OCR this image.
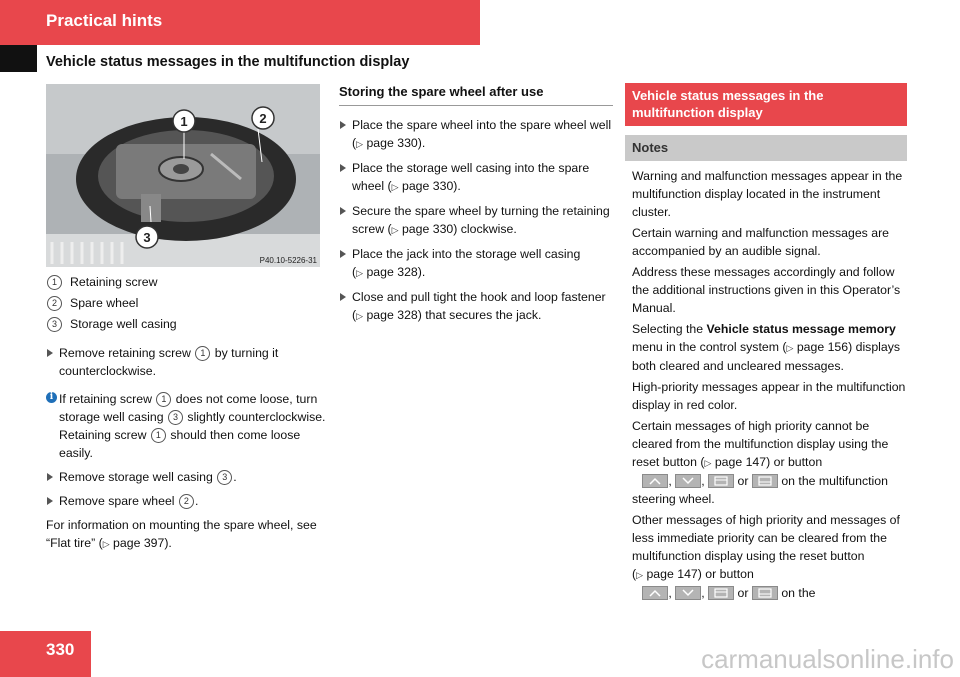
Practical hints
Vehicle status messages in the multifunction display
1	2
3
P40.10-5226-31
1 Retaining screw
2 Spare wheel
3 Storage well casing
Remove retaining screw 1 by turning it counterclockwise.
i If retaining screw 1 does not come loose, turn storage well casing 3 slightly counterclockwise. Retaining screw 1 should then come loose easily.
Remove storage well casing 3 .
Remove spare wheel 2 .
For information on mounting the spare wheel, see “Flat tire” (▷ page 397).
Storing the spare wheel after use
Place the spare wheel into the spare wheel well (▷ page 330).
Place the storage well casing into the spare wheel (▷ page 330).
Secure the spare wheel by turning the retaining screw (▷ page 330) clockwise.
Place the jack into the storage well casing (▷ page 328).
Close and pull tight the hook and loop fastener (▷ page 328) that secures the jack.
Vehicle status messages in the multifunction display
Notes
Warning and malfunction messages appear in the multifunction display located in the instrument cluster.
Certain warning and malfunction messages are accompanied by an audible signal.
Address these messages accordingly and follow the additional instructions given in this Operator’s Manual.
Selecting the Vehicle status message memory menu in the control system (▷ page 156) displays both cleared and uncleared messages.
High-priority messages appear in the multifunction display in red color.
Certain messages of high priority cannot be cleared from the multifunction display using the reset button (▷ page 147) or button

,
,
or	on the multifunction steering wheel.
Other messages of high priority and messages of less immediate priority can be cleared from the multifunction display using the reset button (▷ page 147) or button

,
,
or	on the
330	carmanualsonline.info
